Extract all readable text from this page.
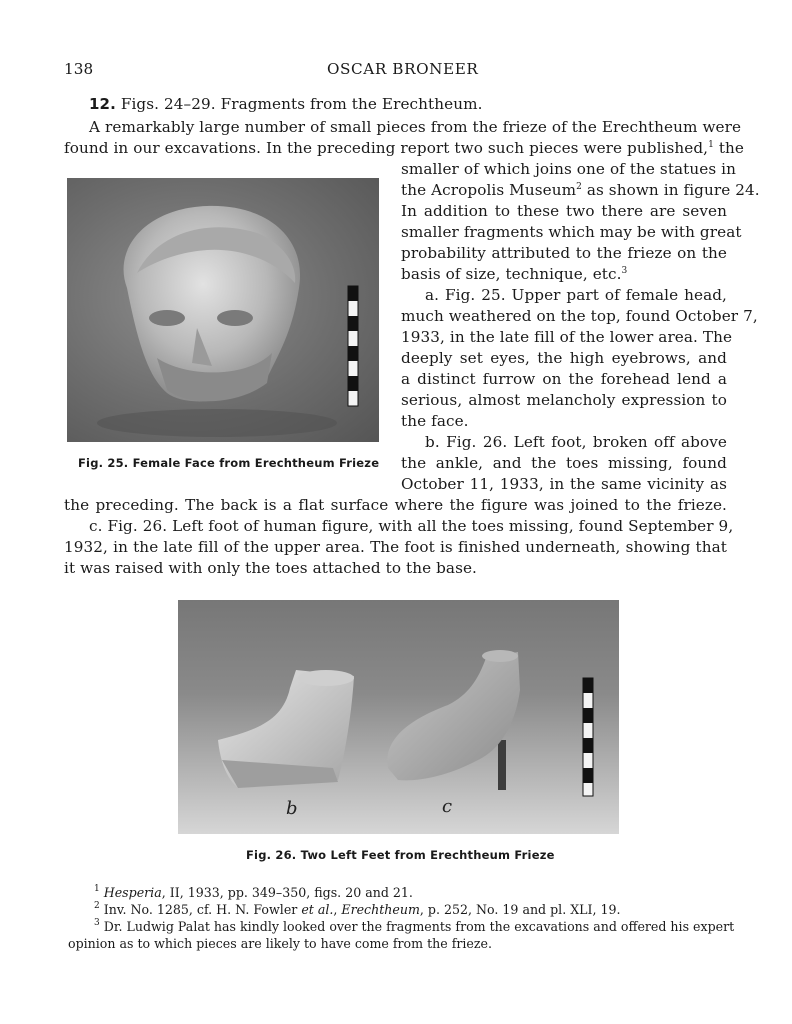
138	OSCAR BRONEER
12. Figs. 24–29. Fragments from the Erechtheum.
A remarkably large number of small pieces from the frieze of the Erechtheum were
found in our excavations. In the preceding report two such pieces were published,$^1$ the
smaller of which joins one of the statues in
the Acropolis Museum$^2$ as shown in figure 24.
In addition to these two there are seven
smaller fragments which may be with great
probability attributed to the frieze on the
basis of size, technique, etc.$^3$
a. Fig. 25. Upper part of female head,
much weathered on the top, found October 7,
1933, in the late fill of the lower area. The
deeply set eyes, the high eyebrows, and
a distinct furrow on the forehead lend a
serious, almost melancholy expression to
the face.
b. Fig. 26. Left foot, broken off above
the ankle, and the toes missing, found
October 11, 1933, in the same vicinity as
the preceding. The back is a flat surface where the figure was joined to the frieze.
c. Fig. 26. Left foot of human figure, with all the toes missing, found September 9,
1932, in the late fill of the upper area. The foot is finished underneath, showing that
it was raised with only the toes attached to the base.
Fig. 25. Female Face from Erechtheum Frieze
b	c
Fig. 26. Two Left Feet from Erechtheum Frieze
$^1$ Hesperia, II, 1933, pp. 349–350, figs. 20 and 21.
$^2$ Inv. No. 1285, cf. H. N. Fowler et al., Erechtheum, p. 252, No. 19 and pl. XLI, 19.
$^3$ Dr. Ludwig Palat has kindly looked over the fragments from the excavations and offered his expert
opinion as to which pieces are likely to have come from the frieze.
